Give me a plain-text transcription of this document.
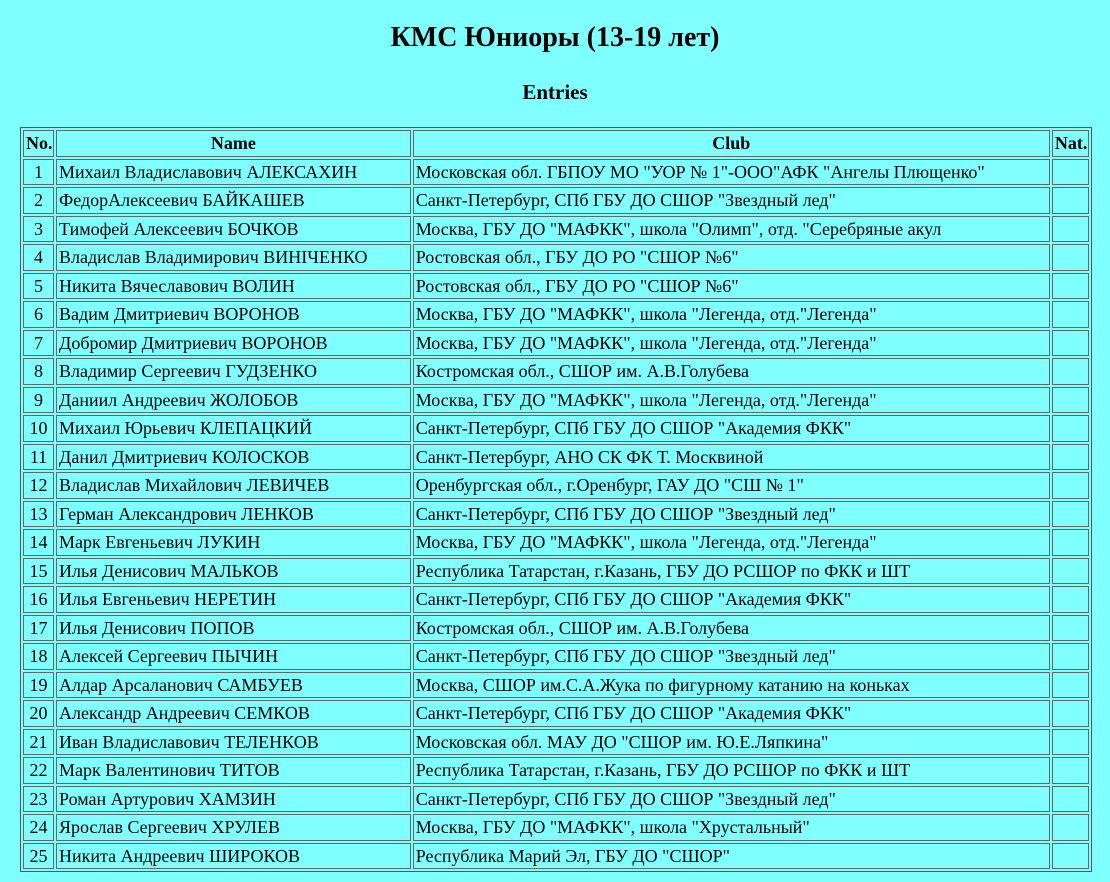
КМС Юниоры (13-19 лет)
Entries
No.	Name	Club	Nat.
1	Михаил Владиславович АЛЕКСАХИН	Московская обл. ГБПОУ МО "УОР № 1"-ООО"АФК "Ангелы Плющенко"	
2	ФедорАлексеевич БАЙКАШЕВ	Санкт-Петербург, СПб ГБУ ДО СШОР "Звездный лед"	
3	Тимофей Алексеевич БОЧКОВ	Москва, ГБУ ДО "МАФКК", школа "Олимп", отд. "Серебряные акул	
4	Владислав Владимирович ВИНІЧЕНКО	Ростовская обл., ГБУ ДО РО "СШОР №6"	
5	Никита Вячеславович ВОЛИН	Ростовская обл., ГБУ ДО РО "СШОР №6"	
6	Вадим Дмитриевич ВОРОНОВ	Москва, ГБУ ДО "МАФКК", школа "Легенда, отд."Легенда"	
7	Добромир Дмитриевич ВОРОНОВ	Москва, ГБУ ДО "МАФКК", школа "Легенда, отд."Легенда"	
8	Владимир Сергеевич ГУДЗЕНКО	Костромская обл., СШОР им. А.В.Голубева	
9	Даниил Андреевич ЖОЛОБОВ	Москва, ГБУ ДО "МАФКК", школа "Легенда, отд."Легенда"	
10	Михаил Юрьевич КЛЕПАЦКИЙ	Санкт-Петербург, СПб ГБУ ДО СШОР "Академия ФКК"	
11	Данил Дмитриевич КОЛОСКОВ	Санкт-Петербург, АНО СК ФК Т. Москвиной	
12	Владислав Михайлович ЛЕВИЧЕВ	Оренбургская обл., г.Оренбург, ГАУ ДО "СШ № 1"	
13	Герман Александрович ЛЕНКОВ	Санкт-Петербург, СПб ГБУ ДО СШОР "Звездный лед"	
14	Марк Евгеньевич ЛУКИН	Москва, ГБУ ДО "МАФКК", школа "Легенда, отд."Легенда"	
15	Илья Денисович МАЛЬКОВ	Республика Татарстан, г.Казань, ГБУ ДО РСШОР по ФКК и ШТ	
16	Илья Евгеньевич НЕРЕТИН	Санкт-Петербург, СПб ГБУ ДО СШОР "Академия ФКК"	
17	Илья Денисович ПОПОВ	Костромская обл., СШОР им. А.В.Голубева	
18	Алексей Сергеевич ПЫЧИН	Санкт-Петербург, СПб ГБУ ДО СШОР "Звездный лед"	
19	Алдар Арсаланович САМБУЕВ	Москва, СШОР им.С.А.Жука по фигурному катанию на коньках	
20	Александр Андреевич СЕМКОВ	Санкт-Петербург, СПб ГБУ ДО СШОР "Академия ФКК"	
21	Иван Владиславович ТЕЛЕНКОВ	Московская обл. МАУ ДО "СШОР им. Ю.Е.Ляпкина"	
22	Марк Валентинович ТИТОВ	Республика Татарстан, г.Казань, ГБУ ДО РСШОР по ФКК и ШТ	
23	Роман Артурович ХАМЗИН	Санкт-Петербург, СПб ГБУ ДО СШОР "Звездный лед"	
24	Ярослав Сергеевич ХРУЛЕВ	Москва, ГБУ ДО "МАФКК", школа "Хрустальный"	
25	Никита Андреевич ШИРОКОВ	Республика Марий Эл, ГБУ ДО "СШОР"	
